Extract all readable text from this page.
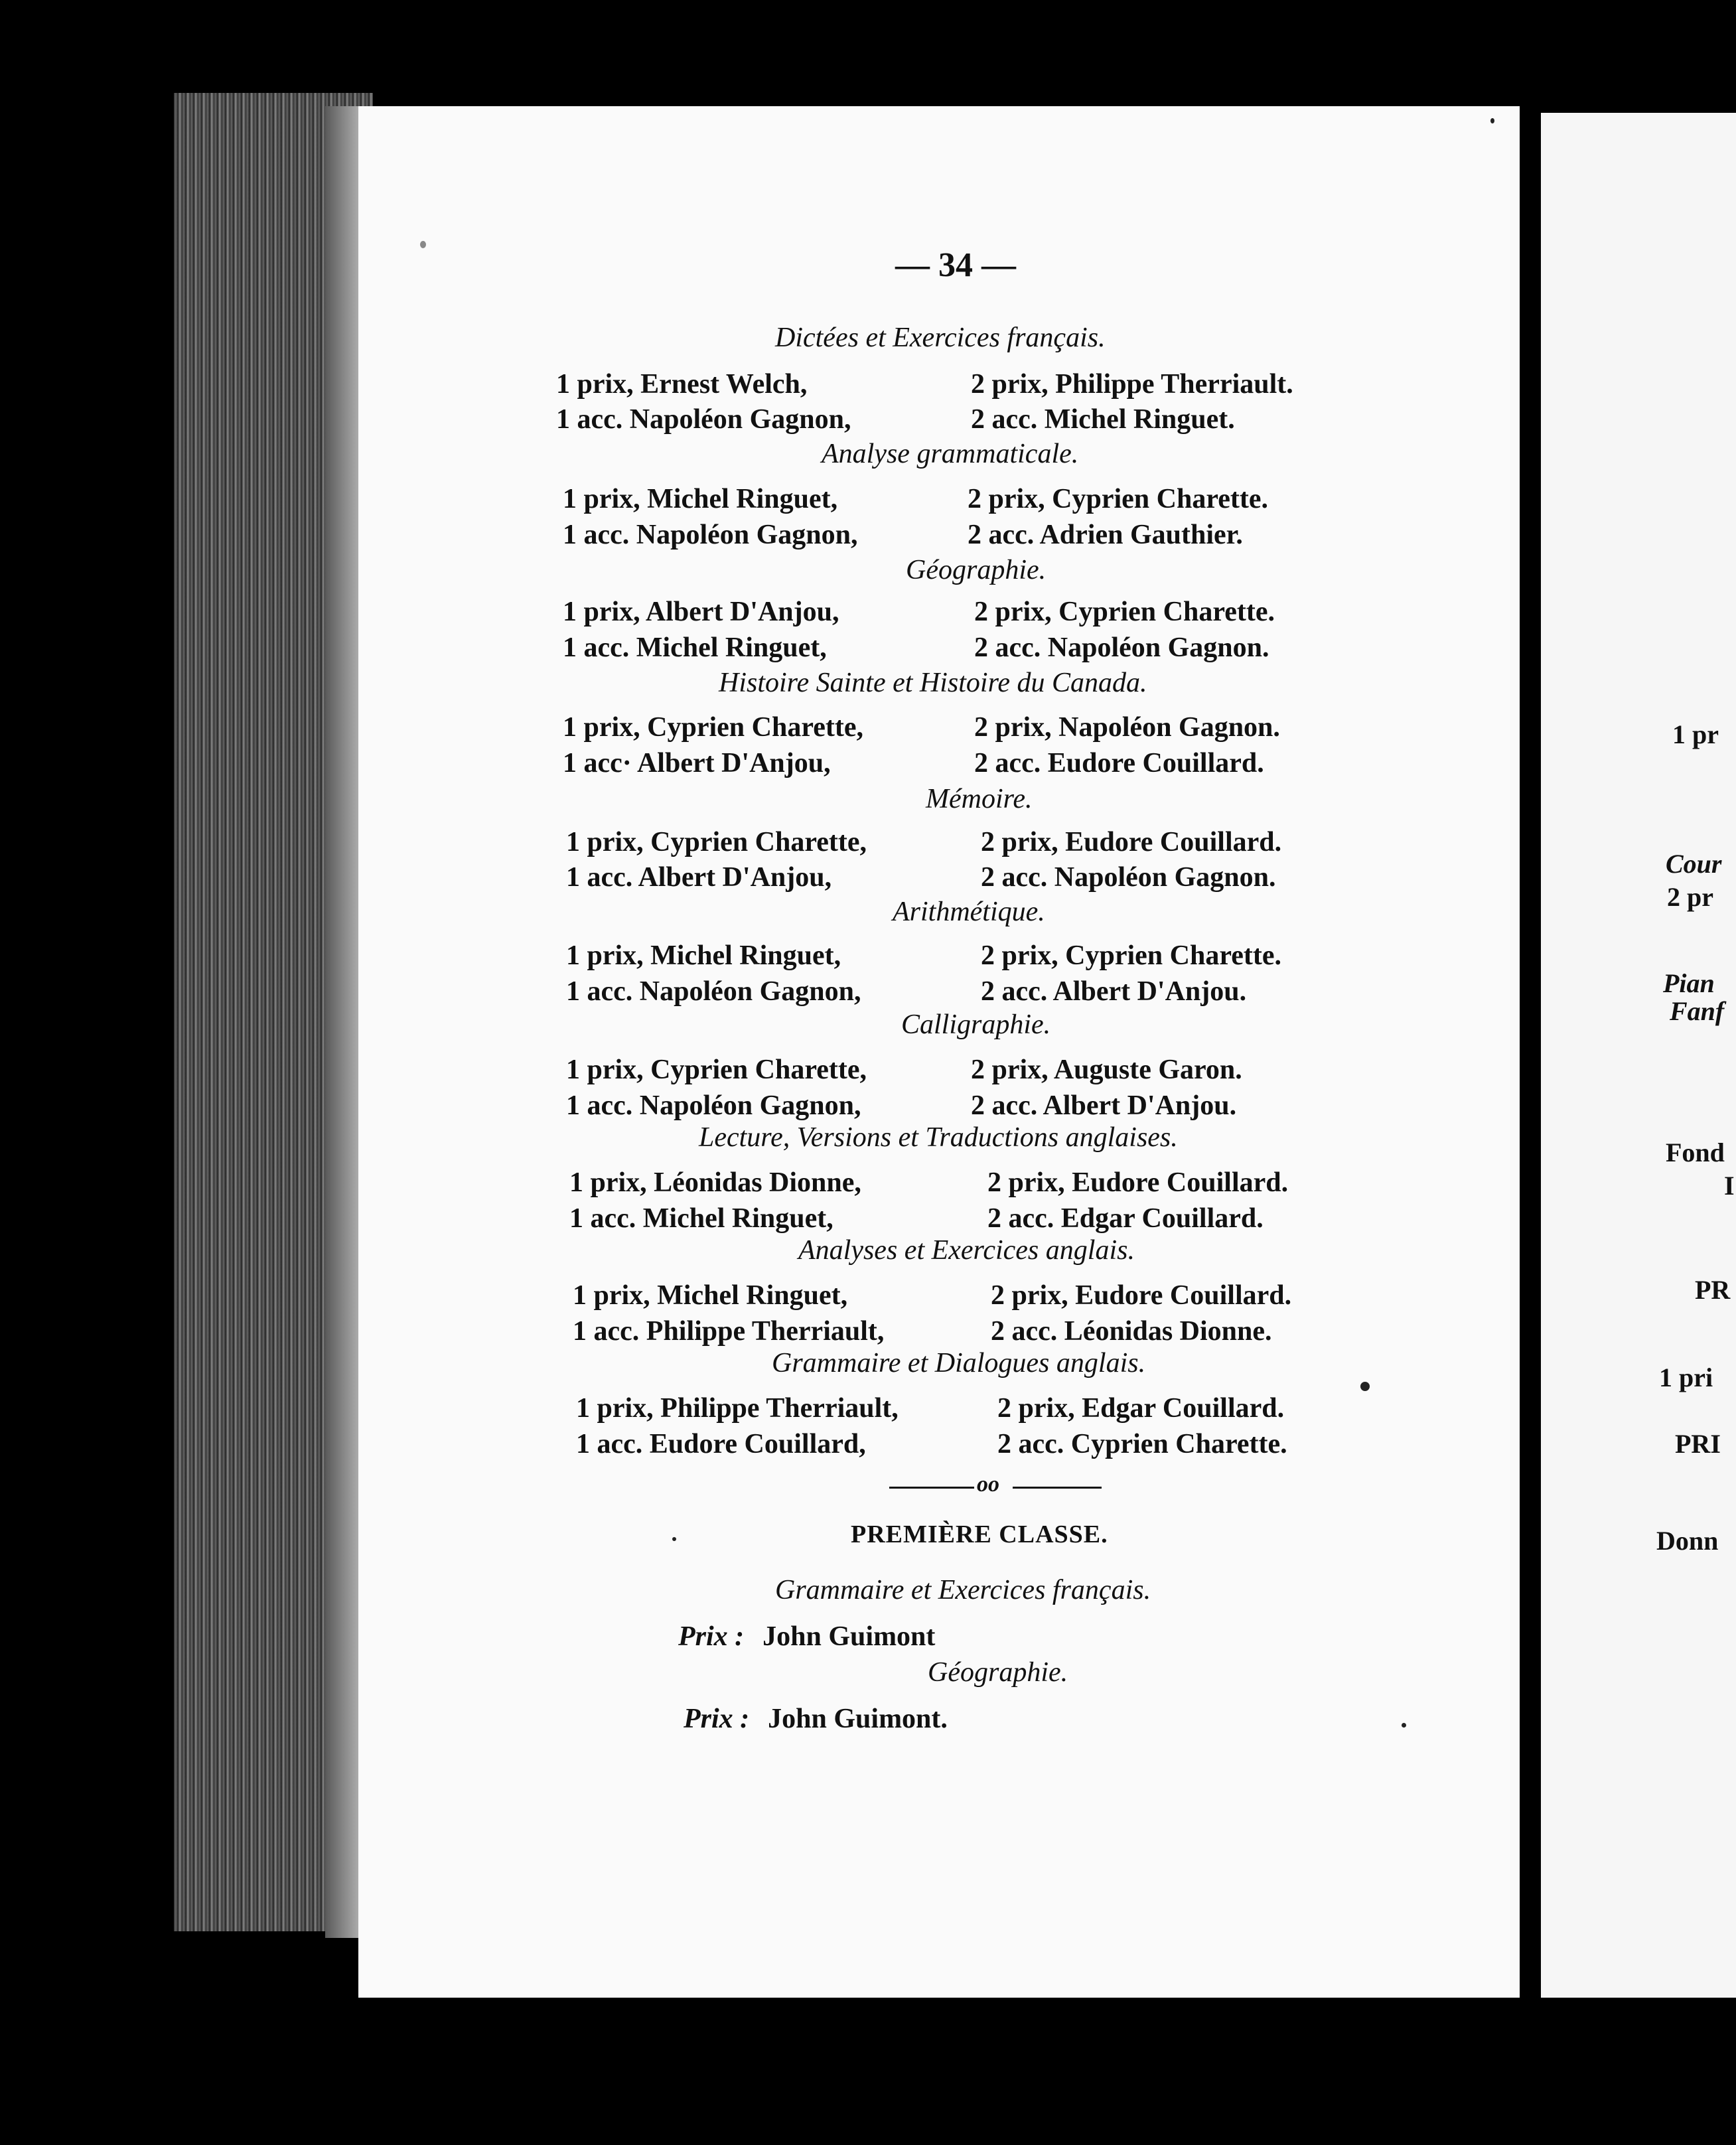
— 34 —
Dictées et Exercices français.
1 prix, Ernest Welch,	2 prix, Philippe Therriault.
1 acc. Napoléon Gagnon,	2 acc. Michel Ringuet.
Analyse grammaticale.
1 prix, Michel Ringuet,	2 prix, Cyprien Charette.
1 acc. Napoléon Gagnon,	2 acc. Adrien Gauthier.
Géographie.
1 prix, Albert D'Anjou,	2 prix, Cyprien Charette.
1 acc. Michel Ringuet,	2 acc. Napoléon Gagnon.
Histoire Sainte et Histoire du Canada.
1 prix, Cyprien Charette,	2 prix, Napoléon Gagnon.
1 acc· Albert D'Anjou,	2 acc. Eudore Couillard.
Mémoire.
1 prix, Cyprien Charette,	2 prix, Eudore Couillard.
1 acc. Albert D'Anjou,	2 acc. Napoléon Gagnon.
Arithmétique.
1 prix, Michel Ringuet,	2 prix, Cyprien Charette.
1 acc. Napoléon Gagnon,	2 acc. Albert D'Anjou.
Calligraphie.
1 prix, Cyprien Charette,	2 prix, Auguste Garon.
1 acc. Napoléon Gagnon,	2 acc. Albert D'Anjou.
Lecture, Versions et Traductions anglaises.
1 prix, Léonidas Dionne,	2 prix, Eudore Couillard.
1 acc. Michel Ringuet,	2 acc. Edgar Couillard.
Analyses et Exercices anglais.
1 prix, Michel Ringuet,	2 prix, Eudore Couillard.
1 acc. Philippe Therriault,	2 acc. Léonidas Dionne.
Grammaire et Dialogues anglais.
1 prix, Philippe Therriault,	2 prix, Edgar Couillard.
1 acc. Eudore Couillard,	2 acc. Cyprien Charette.
oo
PREMIÈRE CLASSE.
Grammaire et Exercices français.
Prix : John Guimont
Géographie.
Prix : John Guimont.
1 pr
Cour
2 pr
Pian
Fanf
Fond
I
PR
1 pri
PRI
Donn
